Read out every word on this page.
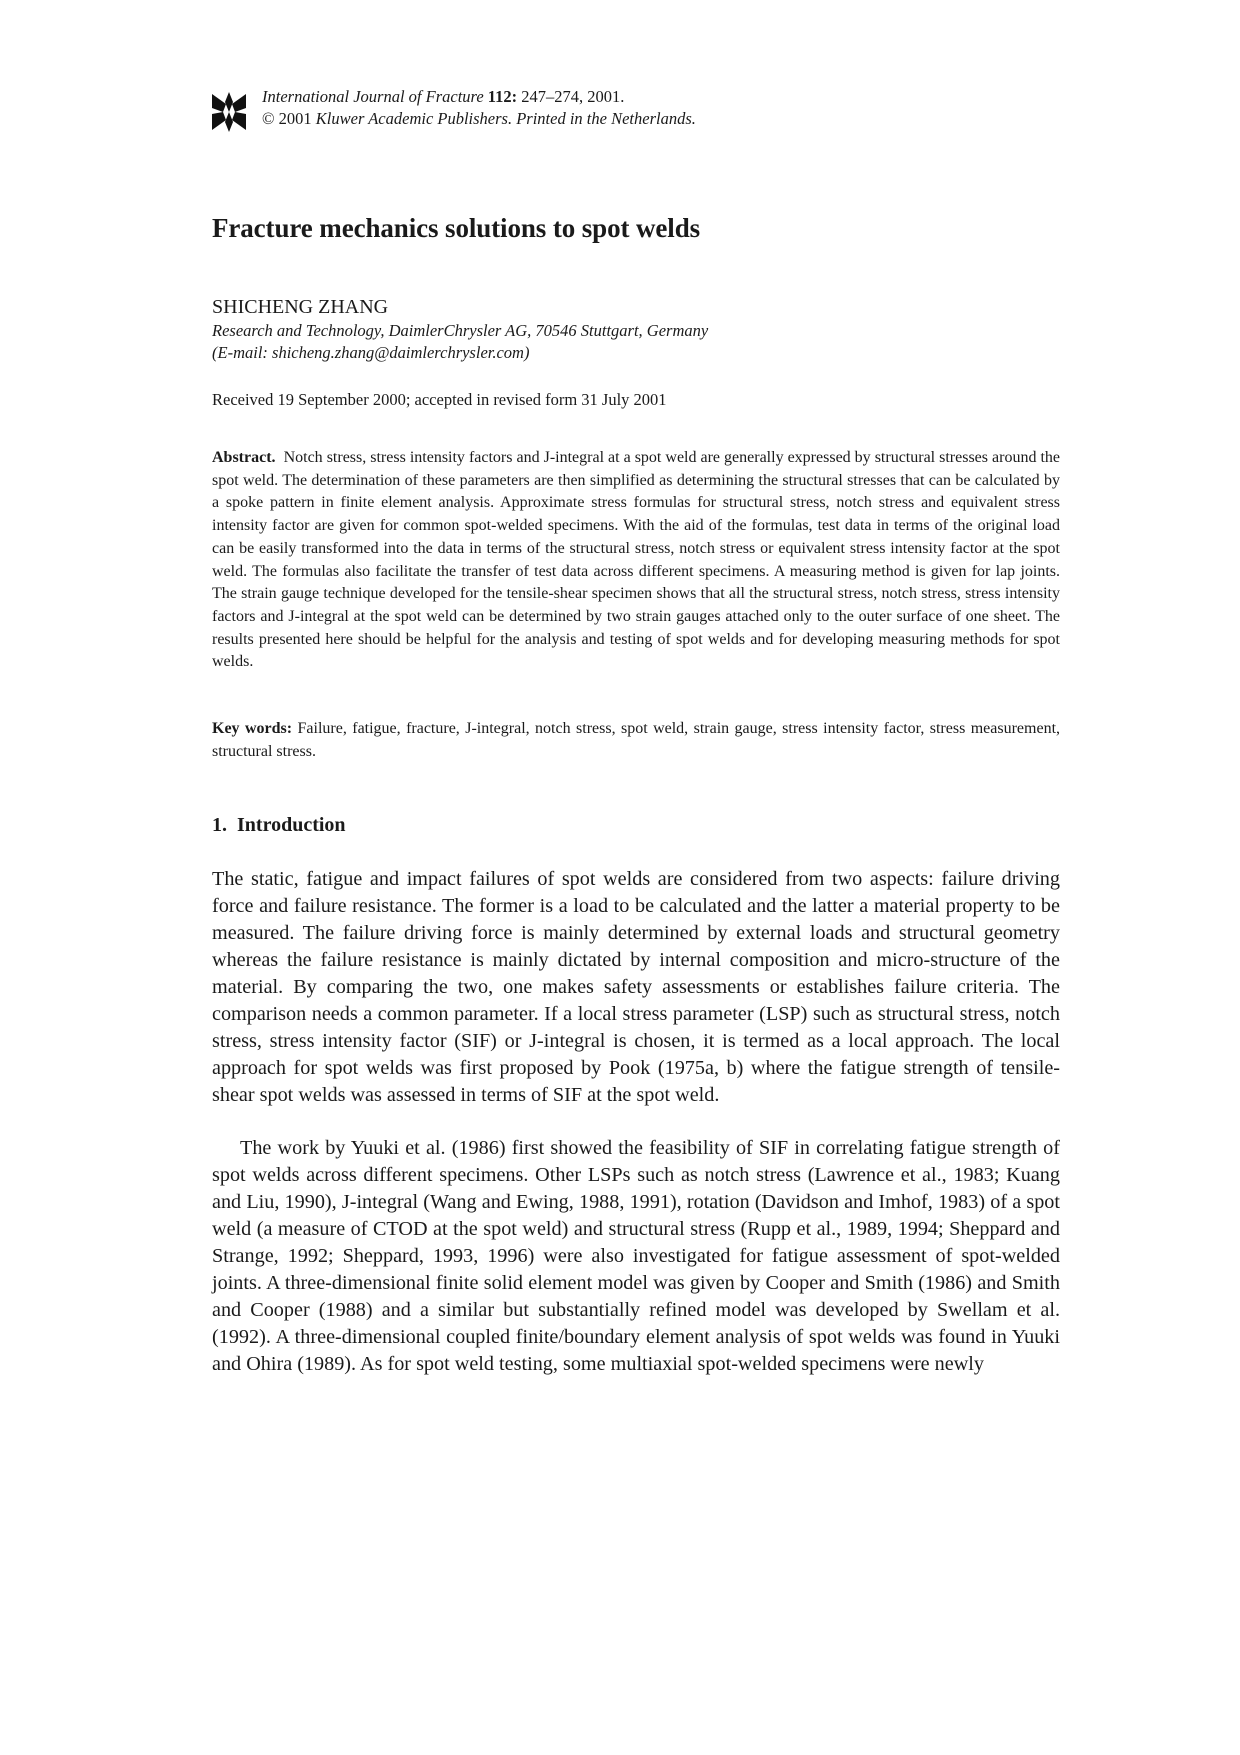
International Journal of Fracture 112: 247–274, 2001.
© 2001 Kluwer Academic Publishers. Printed in the Netherlands.
Fracture mechanics solutions to spot welds
SHICHENG ZHANG
Research and Technology, DaimlerChrysler AG, 70546 Stuttgart, Germany
(E-mail: shicheng.zhang@daimlerchrysler.com)
Received 19 September 2000; accepted in revised form 31 July 2001

Abstract. Notch stress, stress intensity factors and J-integral at a spot weld are generally expressed by structural stresses around the spot weld. The determination of these parameters are then simplified as determining the structural stresses that can be calculated by a spoke pattern in finite element analysis. Approximate stress formulas for structural stress, notch stress and equivalent stress intensity factor are given for common spot-welded specimens. With the aid of the formulas, test data in terms of the original load can be easily transformed into the data in terms of the structural stress, notch stress or equivalent stress intensity factor at the spot weld. The formulas also facilitate the transfer of test data across different specimens. A measuring method is given for lap joints. The strain gauge technique developed for the tensile-shear specimen shows that all the structural stress, notch stress, stress intensity factors and J-integral at the spot weld can be determined by two strain gauges attached only to the outer surface of one sheet. The results presented here should be helpful for the analysis and testing of spot welds and for developing measuring methods for spot welds.

Key words: Failure, fatigue, fracture, J-integral, notch stress, spot weld, strain gauge, stress intensity factor, stress measurement, structural stress.

1. Introduction

The static, fatigue and impact failures of spot welds are considered from two aspects: failure driving force and failure resistance. The former is a load to be calculated and the latter a material property to be measured. The failure driving force is mainly determined by external loads and structural geometry whereas the failure resistance is mainly dictated by internal composition and micro-structure of the material. By comparing the two, one makes safety assessments or establishes failure criteria. The comparison needs a common parameter. If a local stress parameter (LSP) such as structural stress, notch stress, stress intensity factor (SIF) or J-integral is chosen, it is termed as a local approach. The local approach for spot welds was first proposed by Pook (1975a, b) where the fatigue strength of tensile-shear spot welds was assessed in terms of SIF at the spot weld.

The work by Yuuki et al. (1986) first showed the feasibility of SIF in correlating fatigue strength of spot welds across different specimens. Other LSPs such as notch stress (Lawrence et al., 1983; Kuang and Liu, 1990), J-integral (Wang and Ewing, 1988, 1991), rotation (Davidson and Imhof, 1983) of a spot weld (a measure of CTOD at the spot weld) and structural stress (Rupp et al., 1989, 1994; Sheppard and Strange, 1992; Sheppard, 1993, 1996) were also investigated for fatigue assessment of spot-welded joints. A three-dimensional finite solid element model was given by Cooper and Smith (1986) and Smith and Cooper (1988) and a similar but substantially refined model was developed by Swellam et al. (1992). A three-dimensional coupled finite/boundary element analysis of spot welds was found in Yuuki and Ohira (1989). As for spot weld testing, some multiaxial spot-welded specimens were newly
